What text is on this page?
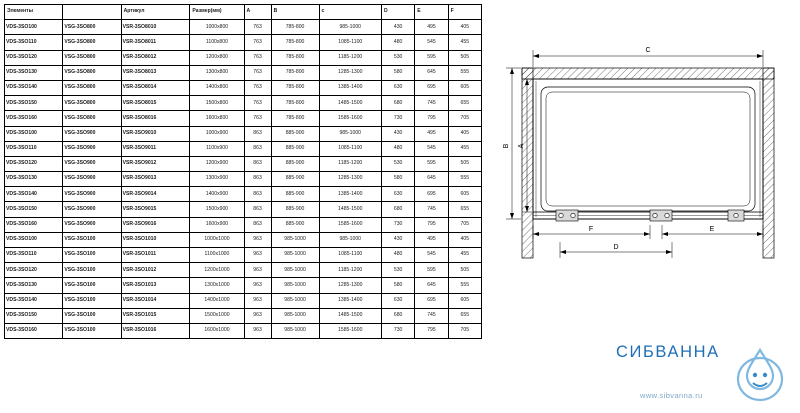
Элементы		Артикул	Размер(мм)	A	B	c	D	E	F
VDS-3SO100	VSG-3SO800	VSR-3SO8010	1000x800	763	785-800	985-1000	430	495	405
VDS-3SO110	VSG-3SO800	VSR-3SO8011	1100x800	763	785-800	1085-1100	480	545	455
VDS-3SO120	VSG-3SO800	VSR-3SO8012	1200x800	763	785-800	1185-1200	530	595	505
VDS-3SO130	VSG-3SO800	VSR-3SO8013	1300x800	763	785-800	1285-1300	580	645	555
VDS-3SO140	VSG-3SO800	VSR-3SO8014	1400x800	763	785-800	1385-1400	630	695	605
VDS-3SO150	VSG-3SO800	VSR-3SO8015	1500x800	763	785-800	1485-1500	680	745	655
VDS-3SO160	VSG-3SO800	VSR-3SO8016	1600x800	763	785-800	1585-1600	730	795	705
VDS-3SO100	VSG-3SO900	VSR-3SO9010	1000x900	863	885-900	985-1000	430	495	405
VDS-3SO110	VSG-3SO900	VSR-3SO9011	1100x900	863	885-900	1085-1100	480	545	455
VDS-3SO120	VSG-3SO900	VSR-3SO9012	1200x900	863	885-900	1185-1200	530	595	505
VDS-3SO130	VSG-3SO900	VSR-3SO9013	1300x900	863	885-900	1285-1300	580	645	555
VDS-3SO140	VSG-3SO900	VSR-3SO9014	1400x900	863	885-900	1385-1400	630	695	605
VDS-3SO150	VSG-3SO900	VSR-3SO9015	1500x900	863	885-900	1485-1500	680	745	655
VDS-3SO160	VSG-3SO900	VSR-3SO9016	1600x900	863	885-900	1585-1600	730	795	705
VDS-3SO100	VSG-3SO100	VSR-3SO1010	1000x1000	963	985-1000	985-1000	430	495	405
VDS-3SO110	VSG-3SO100	VSR-3SO1011	1100x1000	963	985-1000	1085-1100	480	545	455
VDS-3SO120	VSG-3SO100	VSR-3SO1012	1200x1000	963	985-1000	1185-1200	530	595	505
VDS-3SO130	VSG-3SO100	VSR-3SO1013	1300x1000	963	985-1000	1285-1300	580	645	555
VDS-3SO140	VSG-3SO100	VSR-3SO1014	1400x1000	963	985-1000	1385-1400	630	695	605
VDS-3SO150	VSG-3SO100	VSR-3SO1015	1500x1000	963	985-1000	1485-1500	680	745	655
VDS-3SO160	VSG-3SO100	VSR-3SO1016	1600x1000	963	985-1000	1585-1600	730	795	705
C
B A
F	E
D
СИБВАННА
www.sibvanna.ru
